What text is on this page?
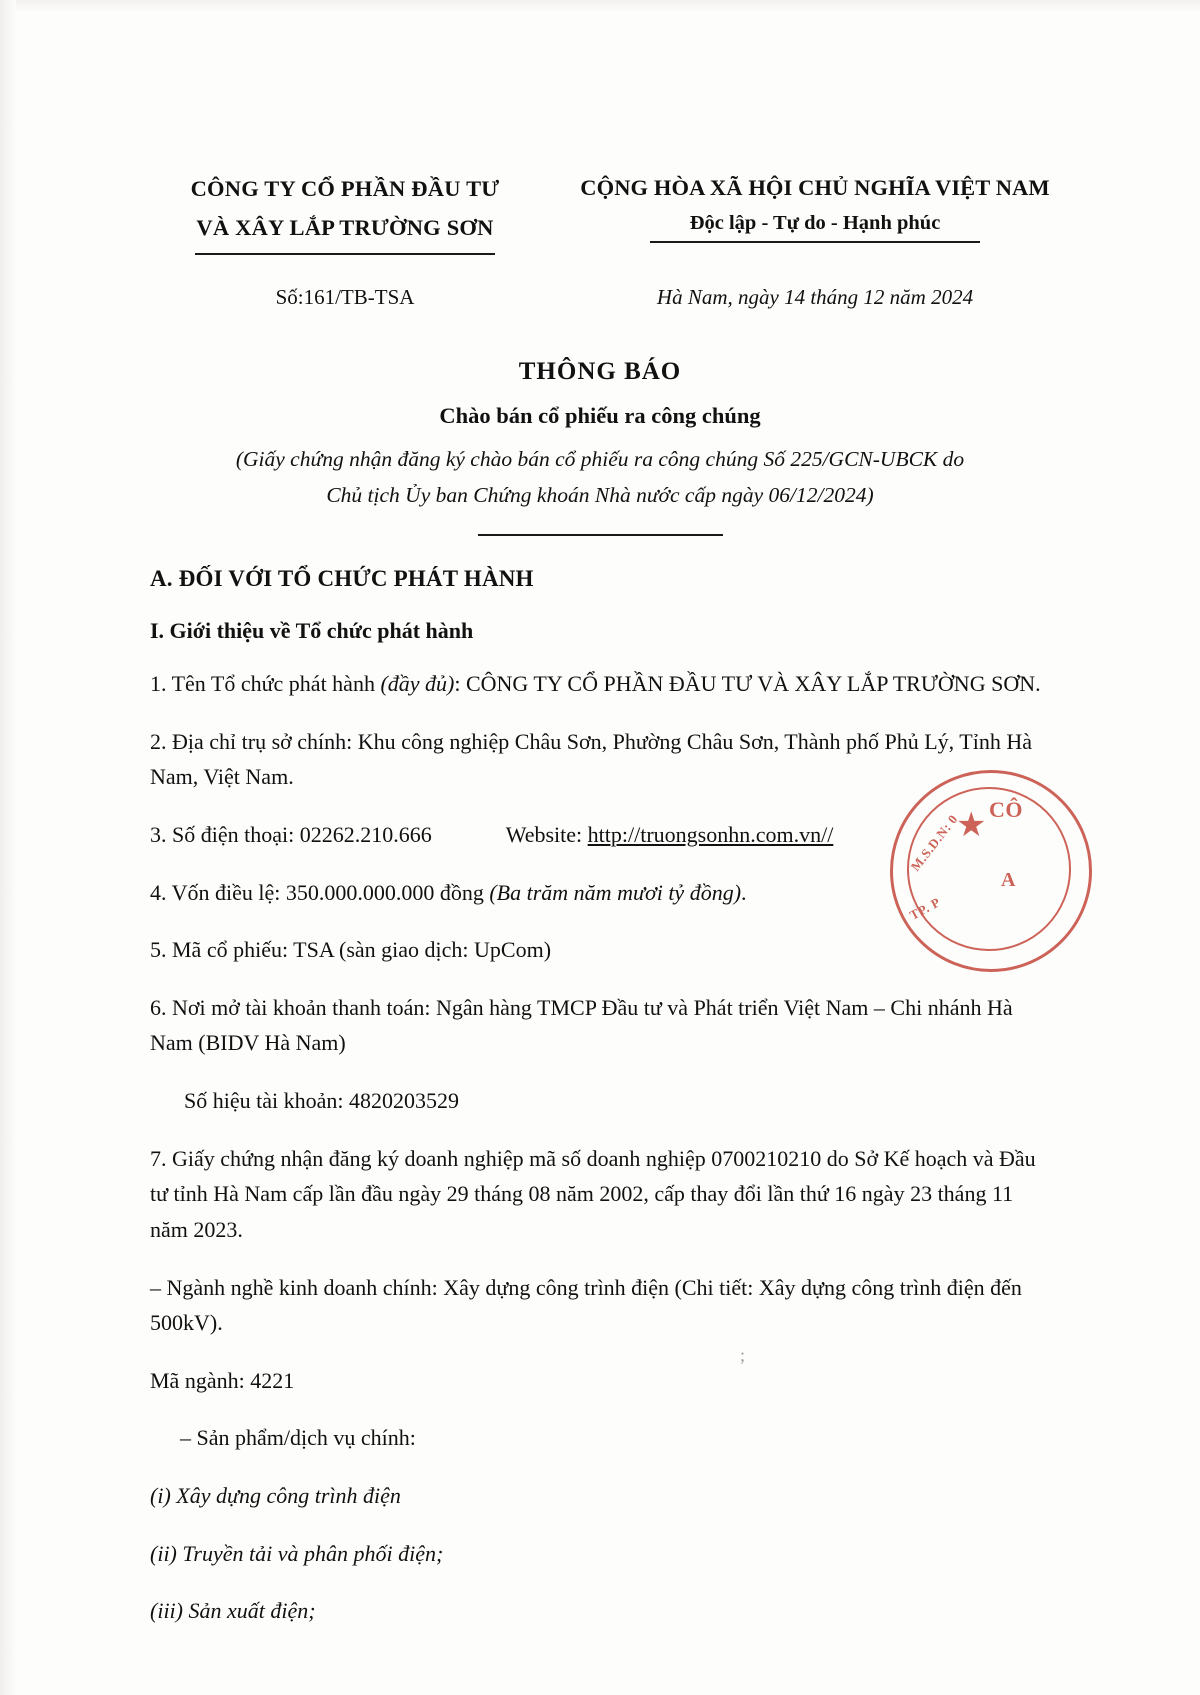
CÔNG TY CỔ PHẦN ĐẦU TƯ
VÀ XÂY LẮP TRƯỜNG SƠN
CỘNG HÒA XÃ HỘI CHỦ NGHĨA VIỆT NAM
Độc lập - Tự do - Hạnh phúc
Số:161/TB-TSA	Hà Nam, ngày 14 tháng 12 năm 2024
THÔNG BÁO
Chào bán cổ phiếu ra công chúng
(Giấy chứng nhận đăng ký chào bán cổ phiếu ra công chúng Số 225/GCN-UBCK do
Chủ tịch Ủy ban Chứng khoán Nhà nước cấp ngày 06/12/2024)
A. ĐỐI VỚI TỔ CHỨC PHÁT HÀNH
I. Giới thiệu về Tổ chức phát hành

1. Tên Tổ chức phát hành (đầy đủ): CÔNG TY CỔ PHẦN ĐẦU TƯ VÀ XÂY LẮP TRƯỜNG SƠN.

2. Địa chỉ trụ sở chính: Khu công nghiệp Châu Sơn, Phường Châu Sơn, Thành phố Phủ Lý, Tỉnh Hà Nam, Việt Nam.

3. Số điện thoại: 02262.210.666	Website: http://truongsonhn.com.vn//

4. Vốn điều lệ: 350.000.000.000 đồng (Ba trăm năm mươi tỷ đồng).

5. Mã cổ phiếu: TSA (sàn giao dịch: UpCom)

6. Nơi mở tài khoản thanh toán: Ngân hàng TMCP Đầu tư và Phát triển Việt Nam – Chi nhánh Hà Nam (BIDV Hà Nam)

Số hiệu tài khoản: 4820203529

7. Giấy chứng nhận đăng ký doanh nghiệp mã số doanh nghiệp 0700210210 do Sở Kế hoạch và Đầu tư tỉnh Hà Nam cấp lần đầu ngày 29 tháng 08 năm 2002, cấp thay đổi lần thứ 16 ngày 23 tháng 11 năm 2023.

– Ngành nghề kinh doanh chính: Xây dựng công trình điện (Chi tiết: Xây dựng công trình điện đến 500kV).

Mã ngành: 4221

– Sản phẩm/dịch vụ chính:

(i) Xây dựng công trình điện

(ii) Truyền tải và phân phối điện;

(iii) Sản xuất điện;

★
M.S.D.N: 0
TP. P
CÔ
A
;
